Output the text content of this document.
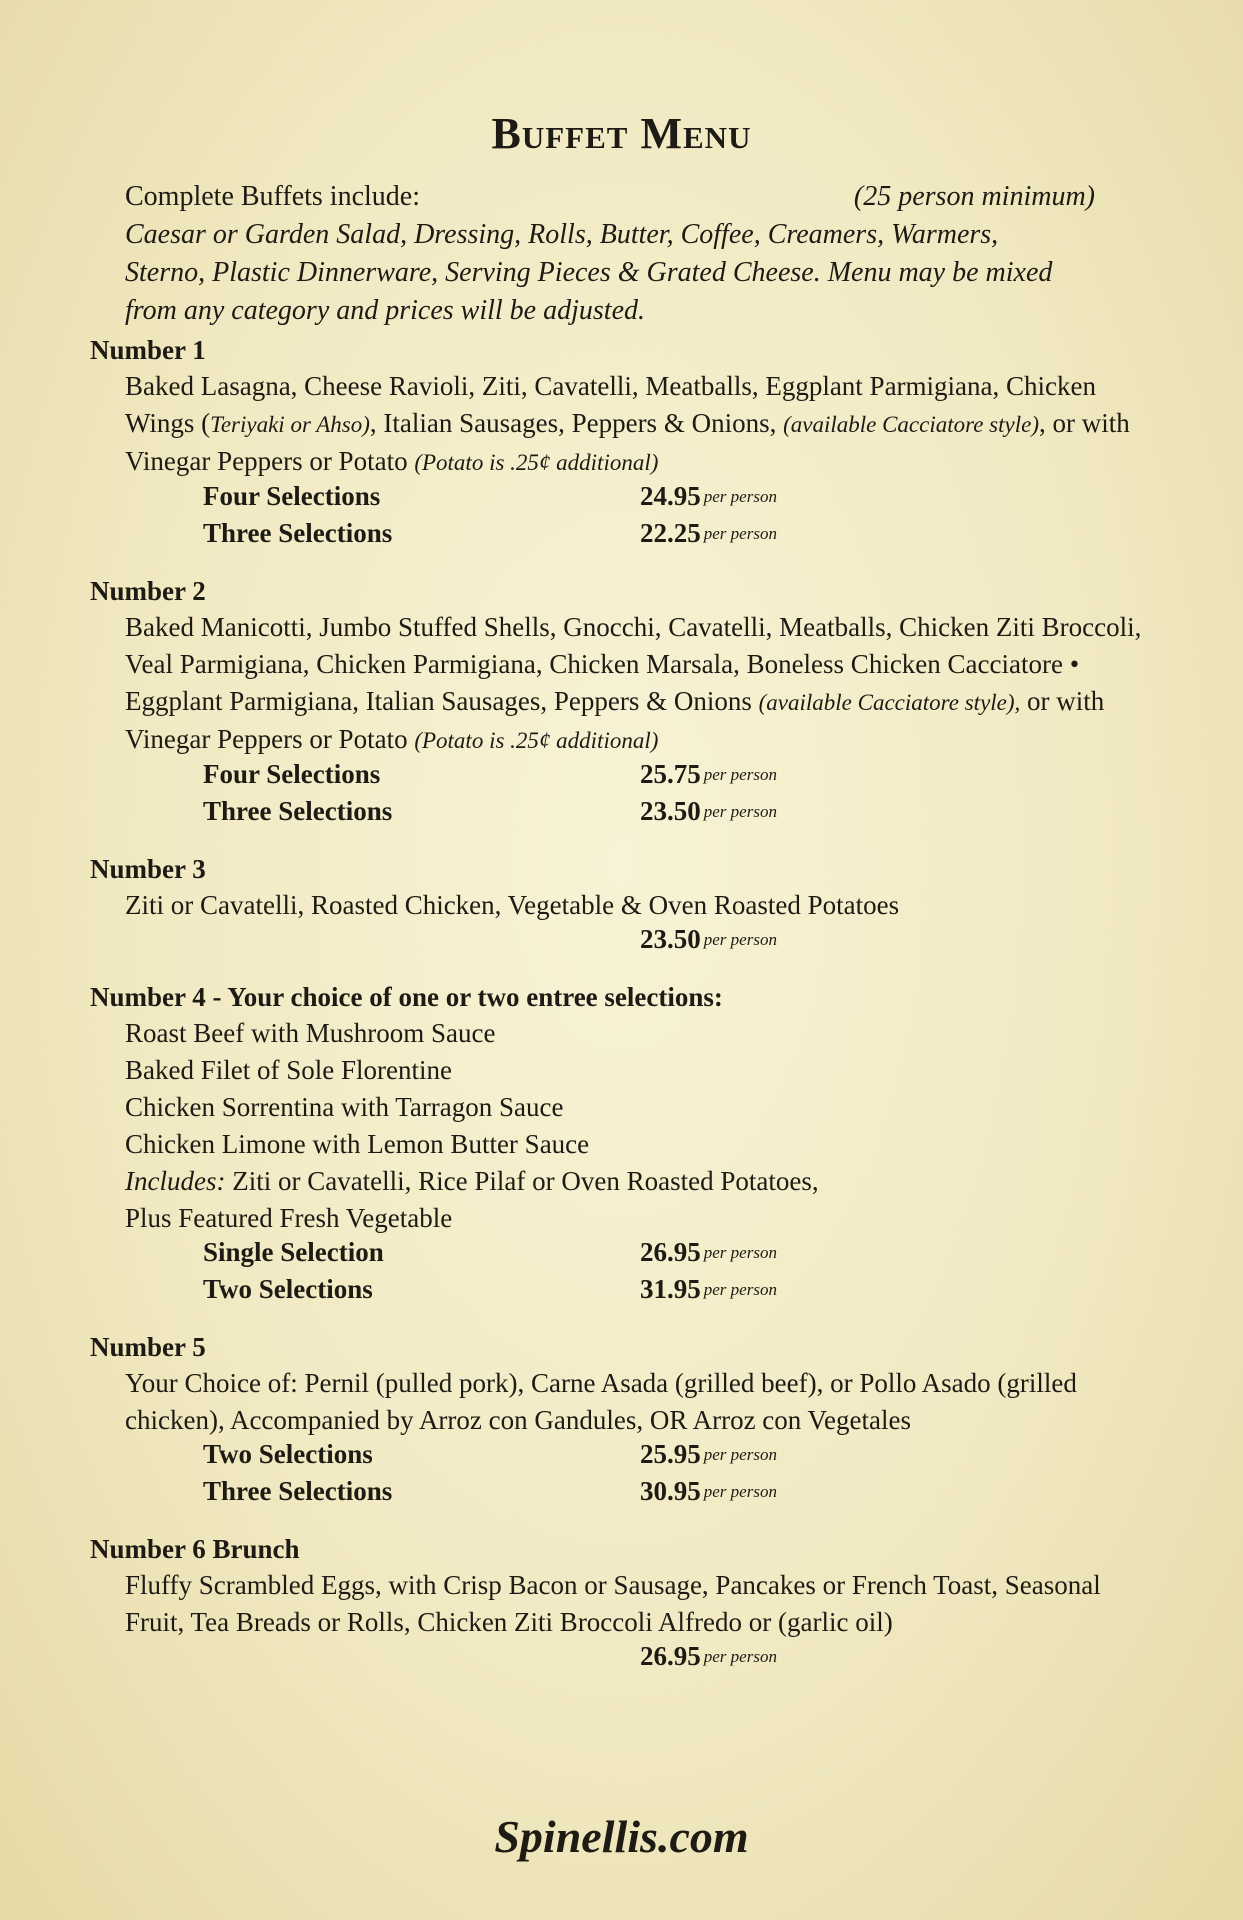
Buffet Menu
Complete Buffets include:	(25 person minimum)
Caesar or Garden Salad, Dressing, Rolls, Butter, Coffee, Creamers, Warmers, Sterno, Plastic Dinnerware, Serving Pieces & Grated Cheese. Menu may be mixed from any category and prices will be adjusted.
Number 1
Baked Lasagna, Cheese Ravioli, Ziti, Cavatelli, Meatballs, Eggplant Parmigiana, Chicken Wings (Teriyaki or Ahso), Italian Sausages, Peppers & Onions, (available Cacciatore style), or with Vinegar Peppers or Potato (Potato is .25¢ additional)
Four Selections	24.95 per person
Three Selections	22.25 per person
Number 2
Baked Manicotti, Jumbo Stuffed Shells, Gnocchi, Cavatelli, Meatballs, Chicken Ziti Broccoli, Veal Parmigiana, Chicken Parmigiana, Chicken Marsala, Boneless Chicken Cacciatore • Eggplant Parmigiana, Italian Sausages, Peppers & Onions (available Cacciatore style), or with Vinegar Peppers or Potato (Potato is .25¢ additional)
Four Selections	25.75 per person
Three Selections	23.50 per person
Number 3
Ziti or Cavatelli, Roasted Chicken, Vegetable & Oven Roasted Potatoes
23.50 per person
Number 4 - Your choice of one or two entree selections:
Roast Beef with Mushroom Sauce
Baked Filet of Sole Florentine
Chicken Sorrentina with Tarragon Sauce
Chicken Limone with Lemon Butter Sauce
Includes: Ziti or Cavatelli, Rice Pilaf or Oven Roasted Potatoes,
Plus Featured Fresh Vegetable
Single Selection	26.95 per person
Two Selections	31.95 per person
Number 5
Your Choice of: Pernil (pulled pork), Carne Asada (grilled beef), or Pollo Asado (grilled chicken), Accompanied by Arroz con Gandules, OR Arroz con Vegetales
Two Selections	25.95 per person
Three Selections	30.95 per person
Number 6 Brunch
Fluffy Scrambled Eggs, with Crisp Bacon or Sausage, Pancakes or French Toast, Seasonal Fruit, Tea Breads or Rolls, Chicken Ziti Broccoli Alfredo or (garlic oil)
26.95 per person
Spinellis.com
